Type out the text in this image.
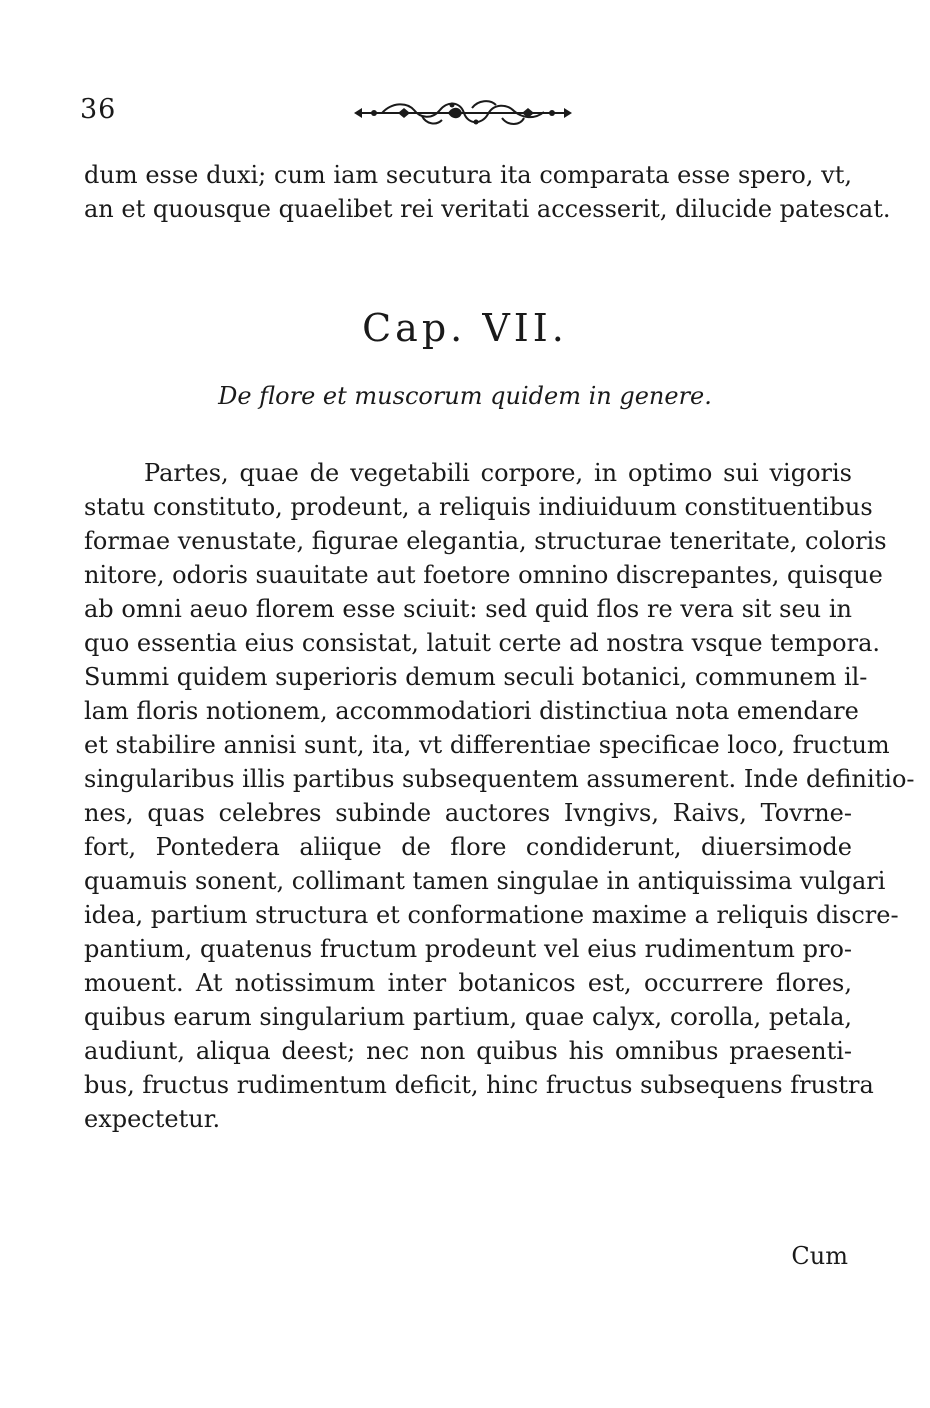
36
dum esse duxi; cum iam secutura ita comparata esse spero, vt,
an et quousque quaelibet rei veritati accesserit, dilucide patescat.
Cap. VII.
De flore et muscorum quidem in genere.
Partes, quae de vegetabili corpore, in optimo sui vigoris
statu constituto, prodeunt, a reliquis indiuiduum constituentibus
formae venustate, figurae elegantia, structurae teneritate, coloris
nitore, odoris suauitate aut foetore omnino discrepantes, quisque
ab omni aeuo florem esse sciuit: sed quid flos re vera sit seu in
quo essentia eius consistat, latuit certe ad nostra vsque tempora.
Summi quidem superioris demum seculi botanici, communem il-
lam floris notionem, accommodatiori distinctiua nota emendare
et stabilire annisi sunt, ita, vt differentiae specificae loco, fructum
singularibus illis partibus subsequentem assumerent. Inde definitio-
nes, quas celebres subinde auctores Ivngivs, Raivs, Tovrne-
fort, Pontedera aliique de flore condiderunt, diuersimode
quamuis sonent, collimant tamen singulae in antiquissima vulgari
idea, partium structura et conformatione maxime a reliquis discre-
pantium, quatenus fructum prodeunt vel eius rudimentum pro-
mouent. At notissimum inter botanicos est, occurrere flores,
quibus earum singularium partium, quae calyx, corolla, petala,
audiunt, aliqua deest; nec non quibus his omnibus praesenti-
bus, fructus rudimentum deficit, hinc fructus subsequens frustra
expectetur.
Cum
